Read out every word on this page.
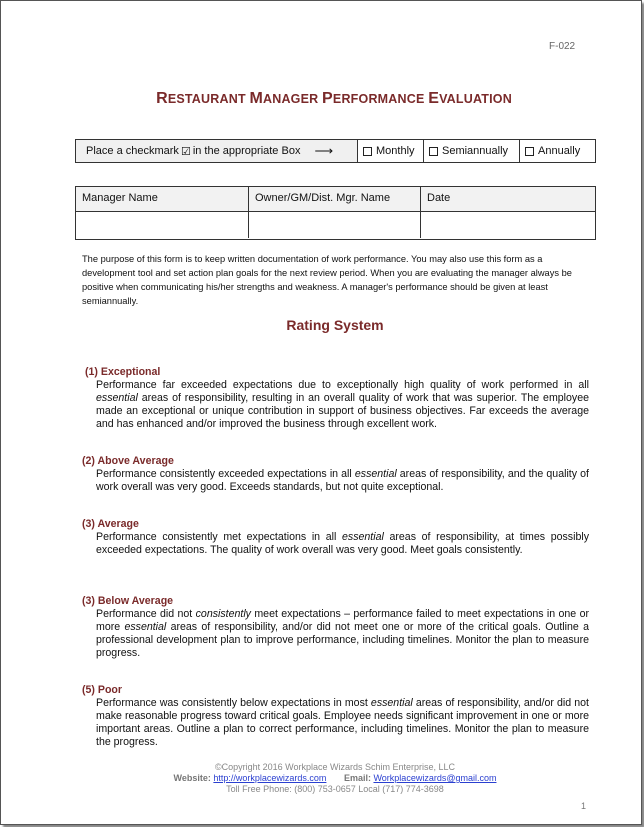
F-022
RESTAURANT MANAGER PERFORMANCE EVALUATION
Place a checkmark ☑ in the appropriate Box ⟶	Monthly Semiannually	Annually
Manager Name	Owner/GM/Dist. Mgr. Name	Date
The purpose of this form is to keep written documentation of work performance. You may also use this form as a development tool and set action plan goals for the next review period. When you are evaluating the manager always be positive when communicating his/her strengths and weakness. A manager's performance should be given at least semiannually.
Rating System
(1) Exceptional
Performance far exceeded expectations due to exceptionally high quality of work performed in all essential areas of responsibility, resulting in an overall quality of work that was superior. The employee made an exceptional or unique contribution in support of business objectives. Far exceeds the average and has enhanced and/or improved the business through excellent work.
(2) Above Average
Performance consistently exceeded expectations in all essential areas of responsibility, and the quality of work overall was very good. Exceeds standards, but not quite exceptional.
(3) Average
Performance consistently met expectations in all essential areas of responsibility, at times possibly exceeded expectations. The quality of work overall was very good. Meet goals consistently.
(3) Below Average
Performance did not consistently meet expectations – performance failed to meet expectations in one or more essential areas of responsibility, and/or did not meet one or more of the critical goals. Outline a professional development plan to improve performance, including timelines. Monitor the plan to measure progress.
(5) Poor
Performance was consistently below expectations in most essential areas of responsibility, and/or did not make reasonable progress toward critical goals. Employee needs significant improvement in one or more important areas. Outline a plan to correct performance, including timelines. Monitor the plan to measure the progress.
©Copyright 2016 Workplace Wizards Schim Enterprise, LLC
Website: http://workplacewizards.com Email: Workplacewizards@gmail.com
Toll Free Phone: (800) 753-0657 Local (717) 774-3698
1
